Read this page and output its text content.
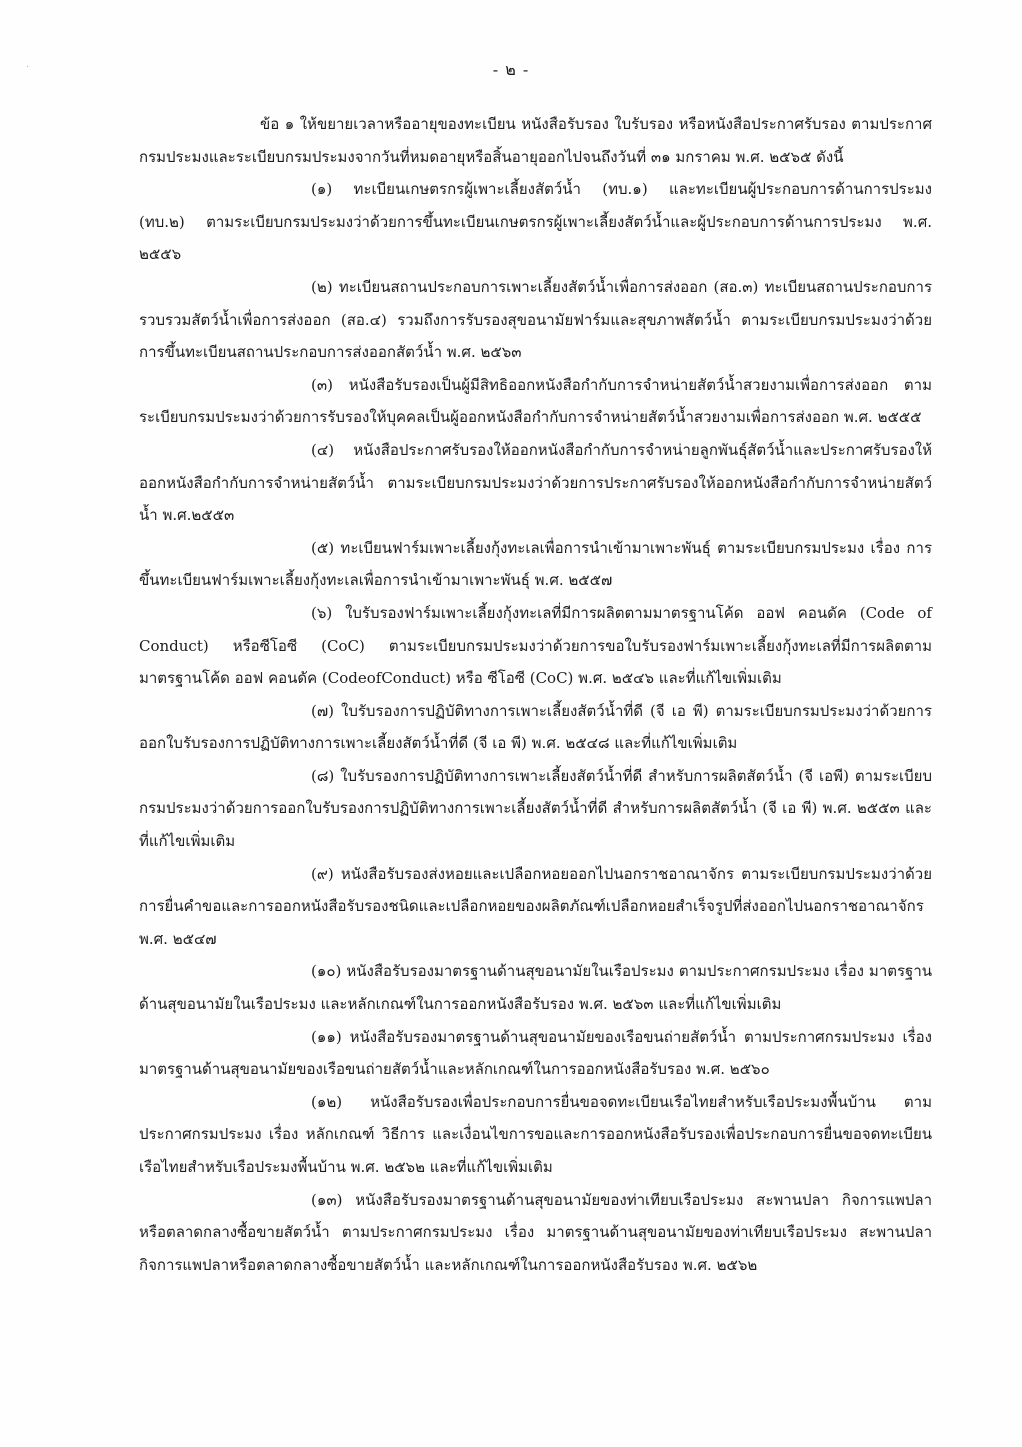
·	- ๒ -

ข้อ ๑ ให้ขยายเวลาหรืออายุของทะเบียน หนังสือรับรอง ใบรับรอง หรือหนังสือประกาศรับรอง ตามประกาศกรมประมงและระเบียบกรมประมงจากวันที่หมดอายุหรือสิ้นอายุออกไปจนถึงวันที่ ๓๑ มกราคม พ.ศ. ๒๕๖๕ ดังนี้

(๑) ทะเบียนเกษตรกรผู้เพาะเลี้ยงสัตว์น้ำ (ทบ.๑) และทะเบียนผู้ประกอบการด้านการประมง (ทบ.๒) ตามระเบียบกรมประมงว่าด้วยการขึ้นทะเบียนเกษตรกรผู้เพาะเลี้ยงสัตว์น้ำและผู้ประกอบการด้านการประมง พ.ศ. ๒๕๕๖

(๒) ทะเบียนสถานประกอบการเพาะเลี้ยงสัตว์น้ำเพื่อการส่งออก (สอ.๓) ทะเบียนสถานประกอบการรวบรวมสัตว์น้ำเพื่อการส่งออก (สอ.๔) รวมถึงการรับรองสุขอนามัยฟาร์มและสุขภาพสัตว์น้ำ ตามระเบียบกรมประมงว่าด้วยการขึ้นทะเบียนสถานประกอบการส่งออกสัตว์น้ำ พ.ศ. ๒๕๖๓

(๓) หนังสือรับรองเป็นผู้มีสิทธิออกหนังสือกำกับการจำหน่ายสัตว์น้ำสวยงามเพื่อการส่งออก ตามระเบียบกรมประมงว่าด้วยการรับรองให้บุคคลเป็นผู้ออกหนังสือกำกับการจำหน่ายสัตว์น้ำสวยงามเพื่อการส่งออก พ.ศ. ๒๕๕๕

(๔) หนังสือประกาศรับรองให้ออกหนังสือกำกับการจำหน่ายลูกพันธุ์สัตว์น้ำและประกาศรับรองให้ออกหนังสือกำกับการจำหน่ายสัตว์น้ำ ตามระเบียบกรมประมงว่าด้วยการประกาศรับรองให้ออกหนังสือกำกับการจำหน่ายสัตว์น้ำ พ.ศ.๒๕๕๓

(๕) ทะเบียนฟาร์มเพาะเลี้ยงกุ้งทะเลเพื่อการนำเข้ามาเพาะพันธุ์ ตามระเบียบกรมประมง เรื่อง การขึ้นทะเบียนฟาร์มเพาะเลี้ยงกุ้งทะเลเพื่อการนำเข้ามาเพาะพันธุ์ พ.ศ. ๒๕๕๗

(๖) ใบรับรองฟาร์มเพาะเลี้ยงกุ้งทะเลที่มีการผลิตตามมาตรฐานโค้ด ออฟ คอนดัค (Code of Conduct) หรือซีโอซี (CoC) ตามระเบียบกรมประมงว่าด้วยการขอใบรับรองฟาร์มเพาะเลี้ยงกุ้งทะเลที่มีการผลิตตามมาตรฐานโค้ด ออฟ คอนดัค (CodeofConduct) หรือ ซีโอซี (CoC) พ.ศ. ๒๕๔๖ และที่แก้ไขเพิ่มเติม

(๗) ใบรับรองการปฏิบัติทางการเพาะเลี้ยงสัตว์น้ำที่ดี (จี เอ พี) ตามระเบียบกรมประมงว่าด้วยการออกใบรับรองการปฏิบัติทางการเพาะเลี้ยงสัตว์น้ำที่ดี (จี เอ พี) พ.ศ. ๒๕๔๘ และที่แก้ไขเพิ่มเติม

(๘) ใบรับรองการปฏิบัติทางการเพาะเลี้ยงสัตว์น้ำที่ดี สำหรับการผลิตสัตว์น้ำ (จี เอพี) ตามระเบียบกรมประมงว่าด้วยการออกใบรับรองการปฏิบัติทางการเพาะเลี้ยงสัตว์น้ำที่ดี สำหรับการผลิตสัตว์น้ำ (จี เอ พี) พ.ศ. ๒๕๕๓ และที่แก้ไขเพิ่มเติม

(๙) หนังสือรับรองส่งหอยและเปลือกหอยออกไปนอกราชอาณาจักร ตามระเบียบกรมประมงว่าด้วยการยื่นคำขอและการออกหนังสือรับรองชนิดและเปลือกหอยของผลิตภัณฑ์เปลือกหอยสำเร็จรูปที่ส่งออกไปนอกราชอาณาจักร พ.ศ. ๒๕๔๗

(๑๐) หนังสือรับรองมาตรฐานด้านสุขอนามัยในเรือประมง ตามประกาศกรมประมง เรื่อง มาตรฐานด้านสุขอนามัยในเรือประมง และหลักเกณฑ์ในการออกหนังสือรับรอง พ.ศ. ๒๕๖๓ และที่แก้ไขเพิ่มเติม

(๑๑) หนังสือรับรองมาตรฐานด้านสุขอนามัยของเรือขนถ่ายสัตว์น้ำ ตามประกาศกรมประมง เรื่อง มาตรฐานด้านสุขอนามัยของเรือขนถ่ายสัตว์น้ำและหลักเกณฑ์ในการออกหนังสือรับรอง พ.ศ. ๒๕๖๐

(๑๒) หนังสือรับรองเพื่อประกอบการยื่นขอจดทะเบียนเรือไทยสำหรับเรือประมงพื้นบ้าน ตามประกาศกรมประมง เรื่อง หลักเกณฑ์ วิธีการ และเงื่อนไขการขอและการออกหนังสือรับรองเพื่อประกอบการยื่นขอจดทะเบียนเรือไทยสำหรับเรือประมงพื้นบ้าน พ.ศ. ๒๕๖๒ และที่แก้ไขเพิ่มเติม

(๑๓) หนังสือรับรองมาตรฐานด้านสุขอนามัยของท่าเทียบเรือประมง สะพานปลา กิจการแพปลาหรือตลาดกลางซื้อขายสัตว์น้ำ ตามประกาศกรมประมง เรื่อง มาตรฐานด้านสุขอนามัยของท่าเทียบเรือประมง สะพานปลา กิจการแพปลาหรือตลาดกลางซื้อขายสัตว์น้ำ และหลักเกณฑ์ในการออกหนังสือรับรอง พ.ศ. ๒๕๖๒
